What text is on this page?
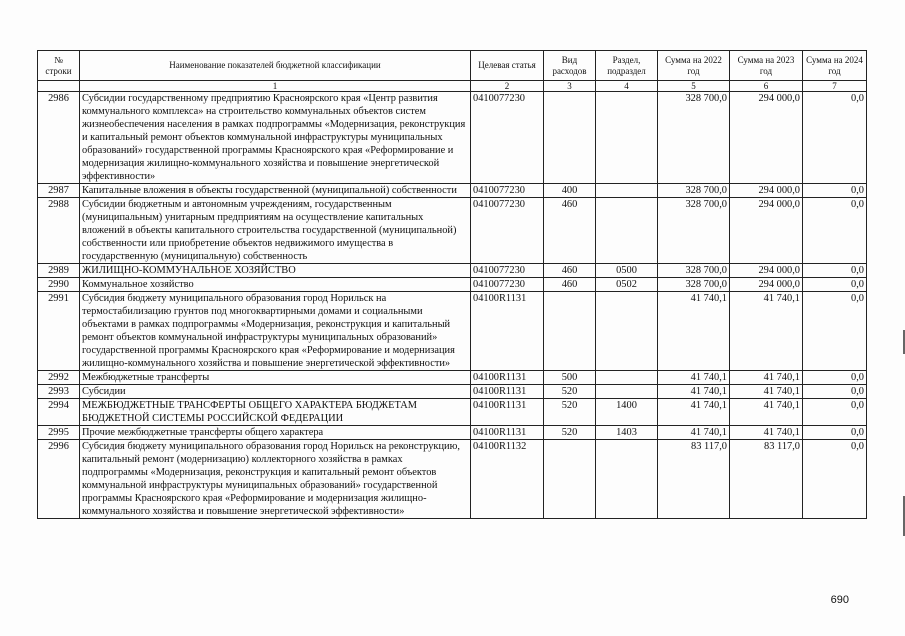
№ строки	Наименование показателей бюджетной классификации	Целевая статья	Вид расходов	Раздел, подраздел	Сумма на 2022 год	Сумма на 2023 год	Сумма на 2024 год
	1	2	3	4	5	6	7
2986	Субсидии государственному предприятию Красноярского края «Центр развития коммунального комплекса» на строительство коммунальных объектов систем жизнеобеспечения населения в рамках подпрограммы «Модернизация, реконструкция и капитальный ремонт объектов коммунальной инфраструктуры муниципальных образований» государственной программы Красноярского края «Реформирование и модернизация жилищно-коммунального хозяйства и повышение энергетической эффективности»	0410077230			328 700,0	294 000,0	0,0
2987	Капитальные вложения в объекты государственной (муниципальной) собственности	0410077230	400		328 700,0	294 000,0	0,0
2988	Субсидии бюджетным и автономным учреждениям, государственным (муниципальным) унитарным предприятиям на осуществление капитальных вложений в объекты капитального строительства государственной (муниципальной) собственности или приобретение объектов недвижимого имущества в государственную (муниципальную) собственность	0410077230	460		328 700,0	294 000,0	0,0
2989	ЖИЛИЩНО-КОММУНАЛЬНОЕ ХОЗЯЙСТВО	0410077230	460	0500	328 700,0	294 000,0	0,0
2990	Коммунальное хозяйство	0410077230	460	0502	328 700,0	294 000,0	0,0
2991	Субсидия бюджету муниципального образования город Норильск на термостабилизацию грунтов под многоквартирными домами и социальными объектами в рамках подпрограммы «Модернизация, реконструкция и капитальный ремонт объектов коммунальной инфраструктуры муниципальных образований» государственной программы Красноярского края «Реформирование и модернизация жилищно-коммунального хозяйства и повышение энергетической эффективности»	04100R1131			41 740,1	41 740,1	0,0
2992	Межбюджетные трансферты	04100R1131	500		41 740,1	41 740,1	0,0
2993	Субсидии	04100R1131	520		41 740,1	41 740,1	0,0
2994	МЕЖБЮДЖЕТНЫЕ ТРАНСФЕРТЫ ОБЩЕГО ХАРАКТЕРА БЮДЖЕТАМ БЮДЖЕТНОЙ СИСТЕМЫ РОССИЙСКОЙ ФЕДЕРАЦИИ	04100R1131	520	1400	41 740,1	41 740,1	0,0
2995	Прочие межбюджетные трансферты общего характера	04100R1131	520	1403	41 740,1	41 740,1	0,0
2996	Субсидия бюджету муниципального образования город Норильск на реконструкцию, капитальный ремонт (модернизацию) коллекторного хозяйства в рамках подпрограммы «Модернизация, реконструкция и капитальный ремонт объектов коммунальной инфраструктуры муниципальных образований» государственной программы Красноярского края «Реформирование и модернизация жилищно-коммунального хозяйства и повышение энергетической эффективности»	04100R1132			83 117,0	83 117,0	0,0
690
